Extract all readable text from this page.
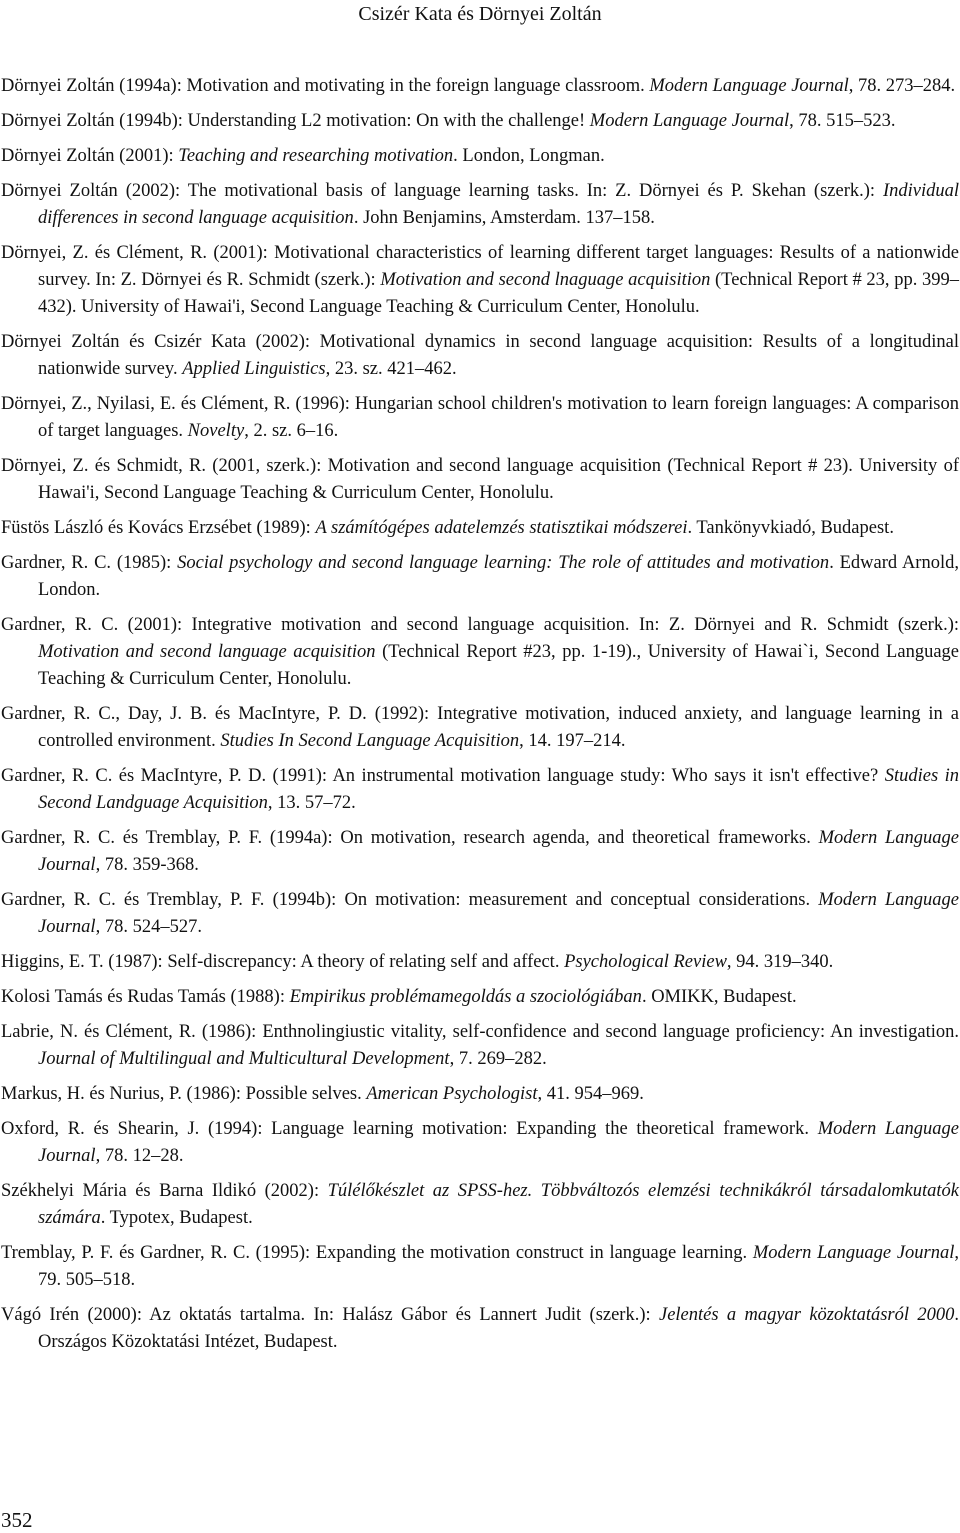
Csizér Kata és Dörnyei Zoltán

Dörnyei Zoltán (1994a): Motivation and motivating in the foreign language classroom. Modern Language Journal, 78. 273–284.

Dörnyei Zoltán (1994b): Understanding L2 motivation: On with the challenge! Modern Language Journal, 78. 515–523.

Dörnyei Zoltán (2001): Teaching and researching motivation. London, Longman.

Dörnyei Zoltán (2002): The motivational basis of language learning tasks. In: Z. Dörnyei és P. Skehan (szerk.): Individual differences in second language acquisition. John Benjamins, Amsterdam. 137–158.

Dörnyei, Z. és Clément, R. (2001): Motivational characteristics of learning different target languages: Results of a nationwide survey. In: Z. Dörnyei és R. Schmidt (szerk.): Motivation and second lnaguage acquisition (Technical Report # 23, pp. 399–432). University of Hawai'i, Second Language Teaching & Curriculum Center, Honolulu.

Dörnyei Zoltán és Csizér Kata (2002): Motivational dynamics in second language acquisition: Results of a longitudinal nationwide survey. Applied Linguistics, 23. sz. 421–462.

Dörnyei, Z., Nyilasi, E. és Clément, R. (1996): Hungarian school children's motivation to learn foreign languages: A comparison of target languages. Novelty, 2. sz. 6–16.

Dörnyei, Z. és Schmidt, R. (2001, szerk.): Motivation and second language acquisition (Technical Report # 23). University of Hawai'i, Second Language Teaching & Curriculum Center, Honolulu.

Füstös László és Kovács Erzsébet (1989): A számítógépes adatelemzés statisztikai módszerei. Tankönyvkiadó, Budapest.

Gardner, R. C. (1985): Social psychology and second language learning: The role of attitudes and motivation. Edward Arnold, London.

Gardner, R. C. (2001): Integrative motivation and second language acquisition. In: Z. Dörnyei and R. Schmidt (szerk.): Motivation and second language acquisition (Technical Report #23, pp. 1-19)., University of Hawai`i, Second Language Teaching & Curriculum Center, Honolulu.

Gardner, R. C., Day, J. B. és MacIntyre, P. D. (1992): Integrative motivation, induced anxiety, and language learning in a controlled environment. Studies In Second Language Acquisition, 14. 197–214.

Gardner, R. C. és MacIntyre, P. D. (1991): An instrumental motivation language study: Who says it isn't effective? Studies in Second Landguage Acquisition, 13. 57–72.

Gardner, R. C. és Tremblay, P. F. (1994a): On motivation, research agenda, and theoretical frameworks. Modern Language Journal, 78. 359-368.

Gardner, R. C. és Tremblay, P. F. (1994b): On motivation: measurement and conceptual considerations. Modern Language Journal, 78. 524–527.

Higgins, E. T. (1987): Self-discrepancy: A theory of relating self and affect. Psychological Review, 94. 319–340.

Kolosi Tamás és Rudas Tamás (1988): Empirikus problémamegoldás a szociológiában. OMIKK, Budapest.

Labrie, N. és Clément, R. (1986): Enthnolingiustic vitality, self-confidence and second language proficiency: An investigation. Journal of Multilingual and Multicultural Development, 7. 269–282.

Markus, H. és Nurius, P. (1986): Possible selves. American Psychologist, 41. 954–969.

Oxford, R. és Shearin, J. (1994): Language learning motivation: Expanding the theoretical framework. Modern Language Journal, 78. 12–28.

Székhelyi Mária és Barna Ildikó (2002): Túlélőkészlet az SPSS-hez. Többváltozós elemzési technikákról társadalomkutatók számára. Typotex, Budapest.

Tremblay, P. F. és Gardner, R. C. (1995): Expanding the motivation construct in language learning. Modern Language Journal, 79. 505–518.

Vágó Irén (2000): Az oktatás tartalma. In: Halász Gábor és Lannert Judit (szerk.): Jelentés a magyar közoktatásról 2000. Országos Közoktatási Intézet, Budapest.

352
